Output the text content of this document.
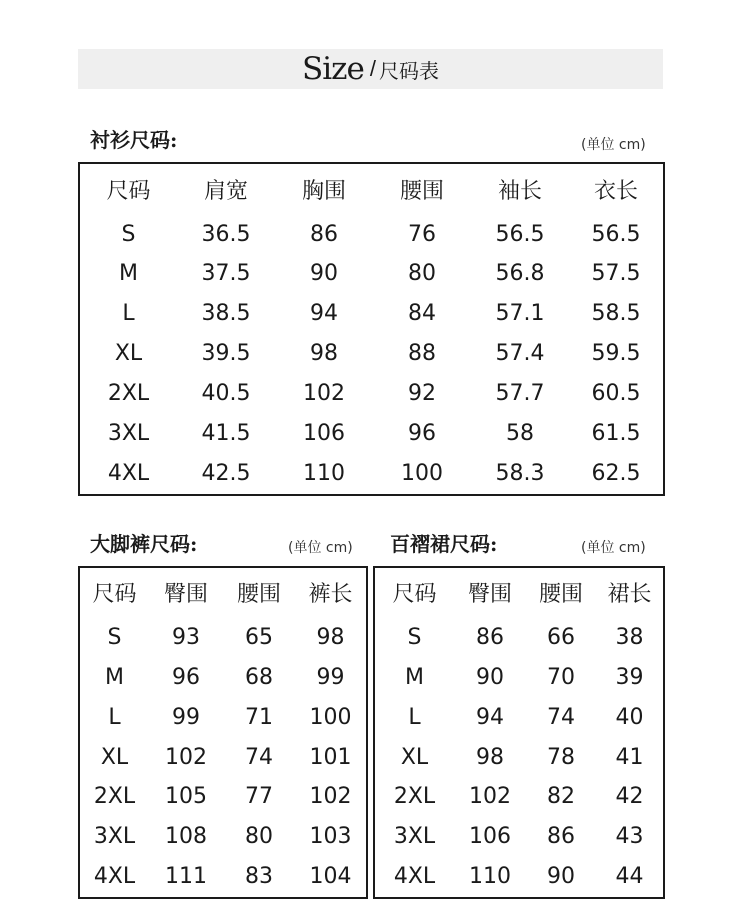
Size / 尺码表
衬衫尺码:	(单位 cm)
尺码	肩宽	胸围	腰围	袖长	衣长
S	36.5	86	76	56.5	56.5
M	37.5	90	80	56.8	57.5
L	38.5	94	84	57.1	58.5
XL	39.5	98	88	57.4	59.5
2XL	40.5	102	92	57.7	60.5
3XL	41.5	106	96	58	61.5
4XL	42.5	110	100	58.3	62.5
大脚裤尺码:	(单位 cm)
尺码	臀围	腰围	裤长
S	93	65	98
M	96	68	99
L	99	71	100
XL	102	74	101
2XL	105	77	102
3XL	108	80	103
4XL	111	83	104
百褶裙尺码:	(单位 cm)
尺码	臀围	腰围	裙长
S	86	66	38
M	90	70	39
L	94	74	40
XL	98	78	41
2XL	102	82	42
3XL	106	86	43
4XL	110	90	44
